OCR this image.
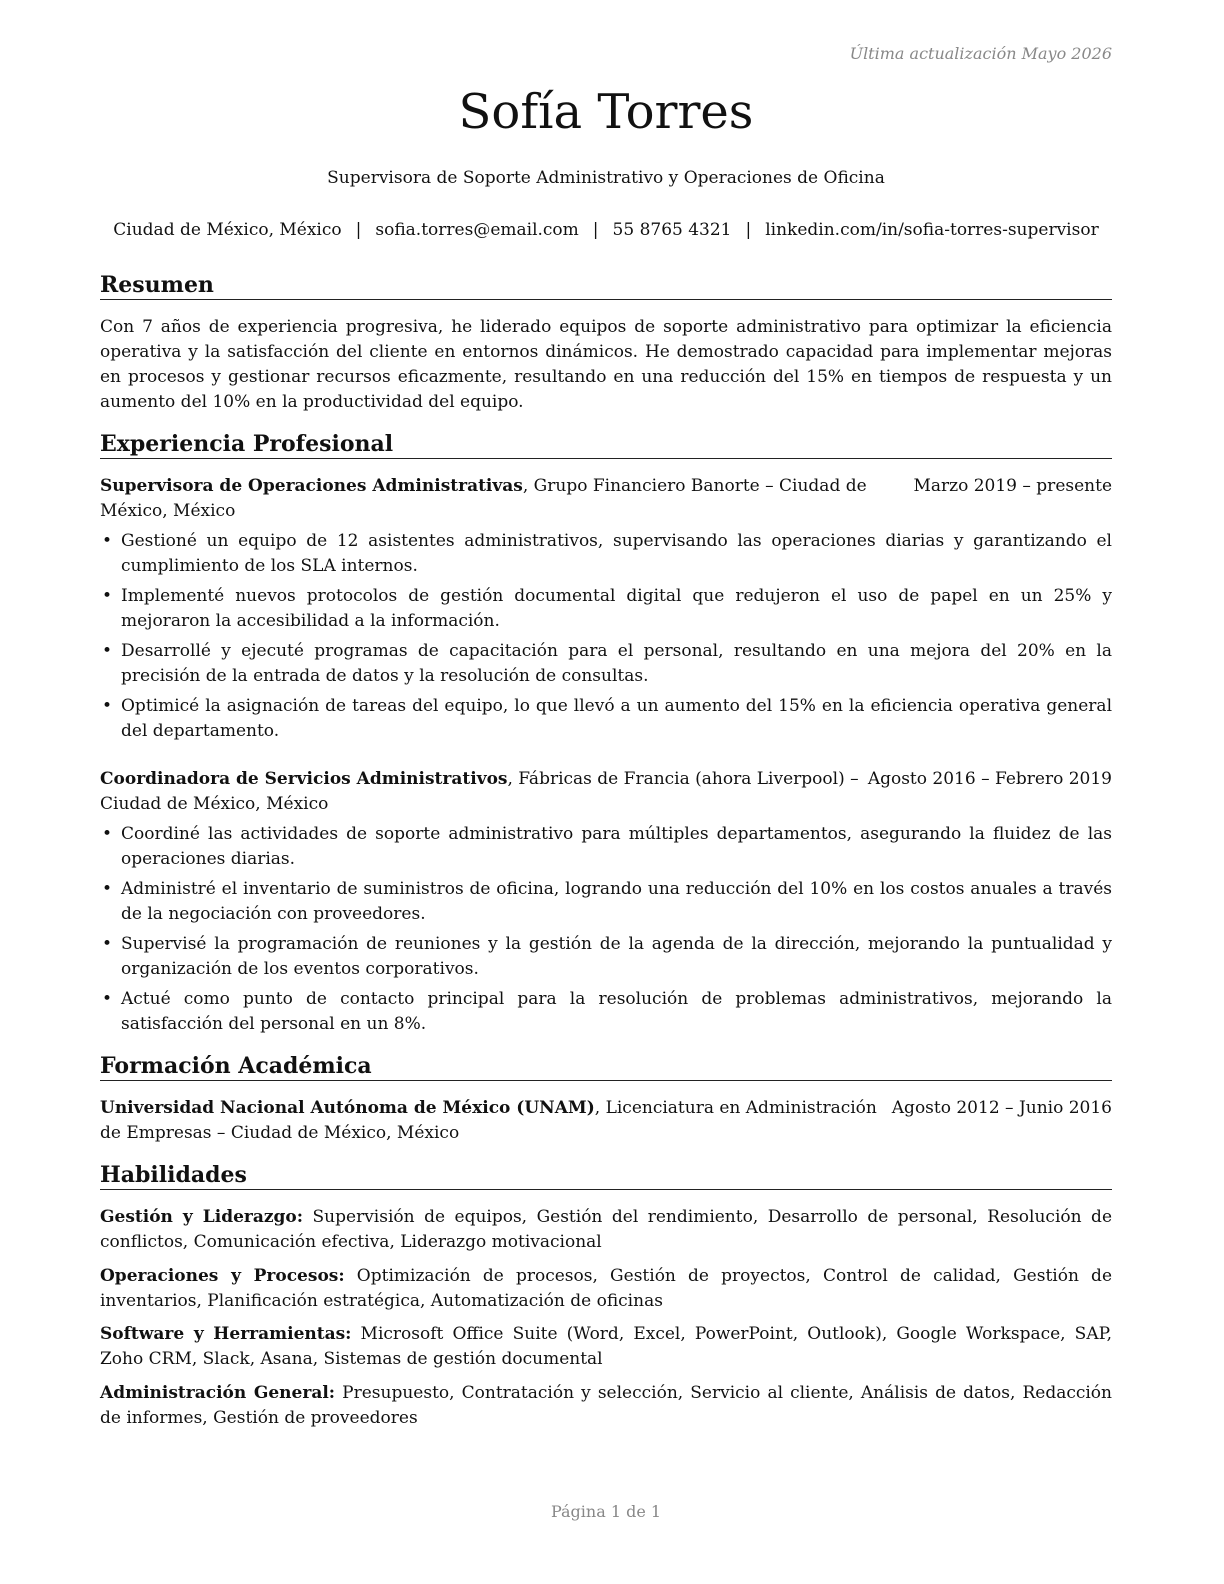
Última actualización Mayo 2026
Sofía Torres
Supervisora de Soporte Administrativo y Operaciones de Oficina
Ciudad de México, México | sofia.torres@email.com | 55 8765 4321 | linkedin.com/in/sofia-torres-supervisor
Resumen
Con 7 años de experiencia progresiva, he liderado equipos de soporte administrativo para optimizar la eficiencia operativa y la satisfacción del cliente en entornos dinámicos. He demostrado capacidad para implementar mejoras en procesos y gestionar recursos eficazmente, resultando en una reducción del 15% en tiempos de respuesta y un aumento del 10% en la productividad del equipo.
Experiencia Profesional
Supervisora de Operaciones Administrativas, Grupo Financiero Banorte – Ciudad de México, México
Marzo 2019 – presente
• Gestioné un equipo de 12 asistentes administrativos, supervisando las operaciones diarias y garantizando el cumplimiento de los SLA internos.
• Implementé nuevos protocolos de gestión documental digital que redujeron el uso de papel en un 25% y mejoraron la accesibilidad a la información.
• Desarrollé y ejecuté programas de capacitación para el personal, resultando en una mejora del 20% en la precisión de la entrada de datos y la resolución de consultas.
• Optimicé la asignación de tareas del equipo, lo que llevó a un aumento del 15% en la eficiencia operativa general del departamento.
Coordinadora de Servicios Administrativos, Fábricas de Francia (ahora Liverpool) – Ciudad de México, México
Agosto 2016 – Febrero 2019
• Coordiné las actividades de soporte administrativo para múltiples departamentos, asegurando la fluidez de las operaciones diarias.
• Administré el inventario de suministros de oficina, logrando una reducción del 10% en los costos anuales a través de la negociación con proveedores.
• Supervisé la programación de reuniones y la gestión de la agenda de la dirección, mejorando la puntualidad y organización de los eventos corporativos.
• Actué como punto de contacto principal para la resolución de problemas administrativos, mejorando la satisfacción del personal en un 8%.
Formación Académica
Universidad Nacional Autónoma de México (UNAM), Licenciatura en Administración de Empresas – Ciudad de México, México
Agosto 2012 – Junio 2016
Habilidades
Gestión y Liderazgo: Supervisión de equipos, Gestión del rendimiento, Desarrollo de personal, Resolución de conflictos, Comunicación efectiva, Liderazgo motivacional
Operaciones y Procesos: Optimización de procesos, Gestión de proyectos, Control de calidad, Gestión de inventarios, Planificación estratégica, Automatización de oficinas
Software y Herramientas: Microsoft Office Suite (Word, Excel, PowerPoint, Outlook), Google Workspace, SAP, Zoho CRM, Slack, Asana, Sistemas de gestión documental
Administración General: Presupuesto, Contratación y selección, Servicio al cliente, Análisis de datos, Redacción de informes, Gestión de proveedores
Página 1 de 1
